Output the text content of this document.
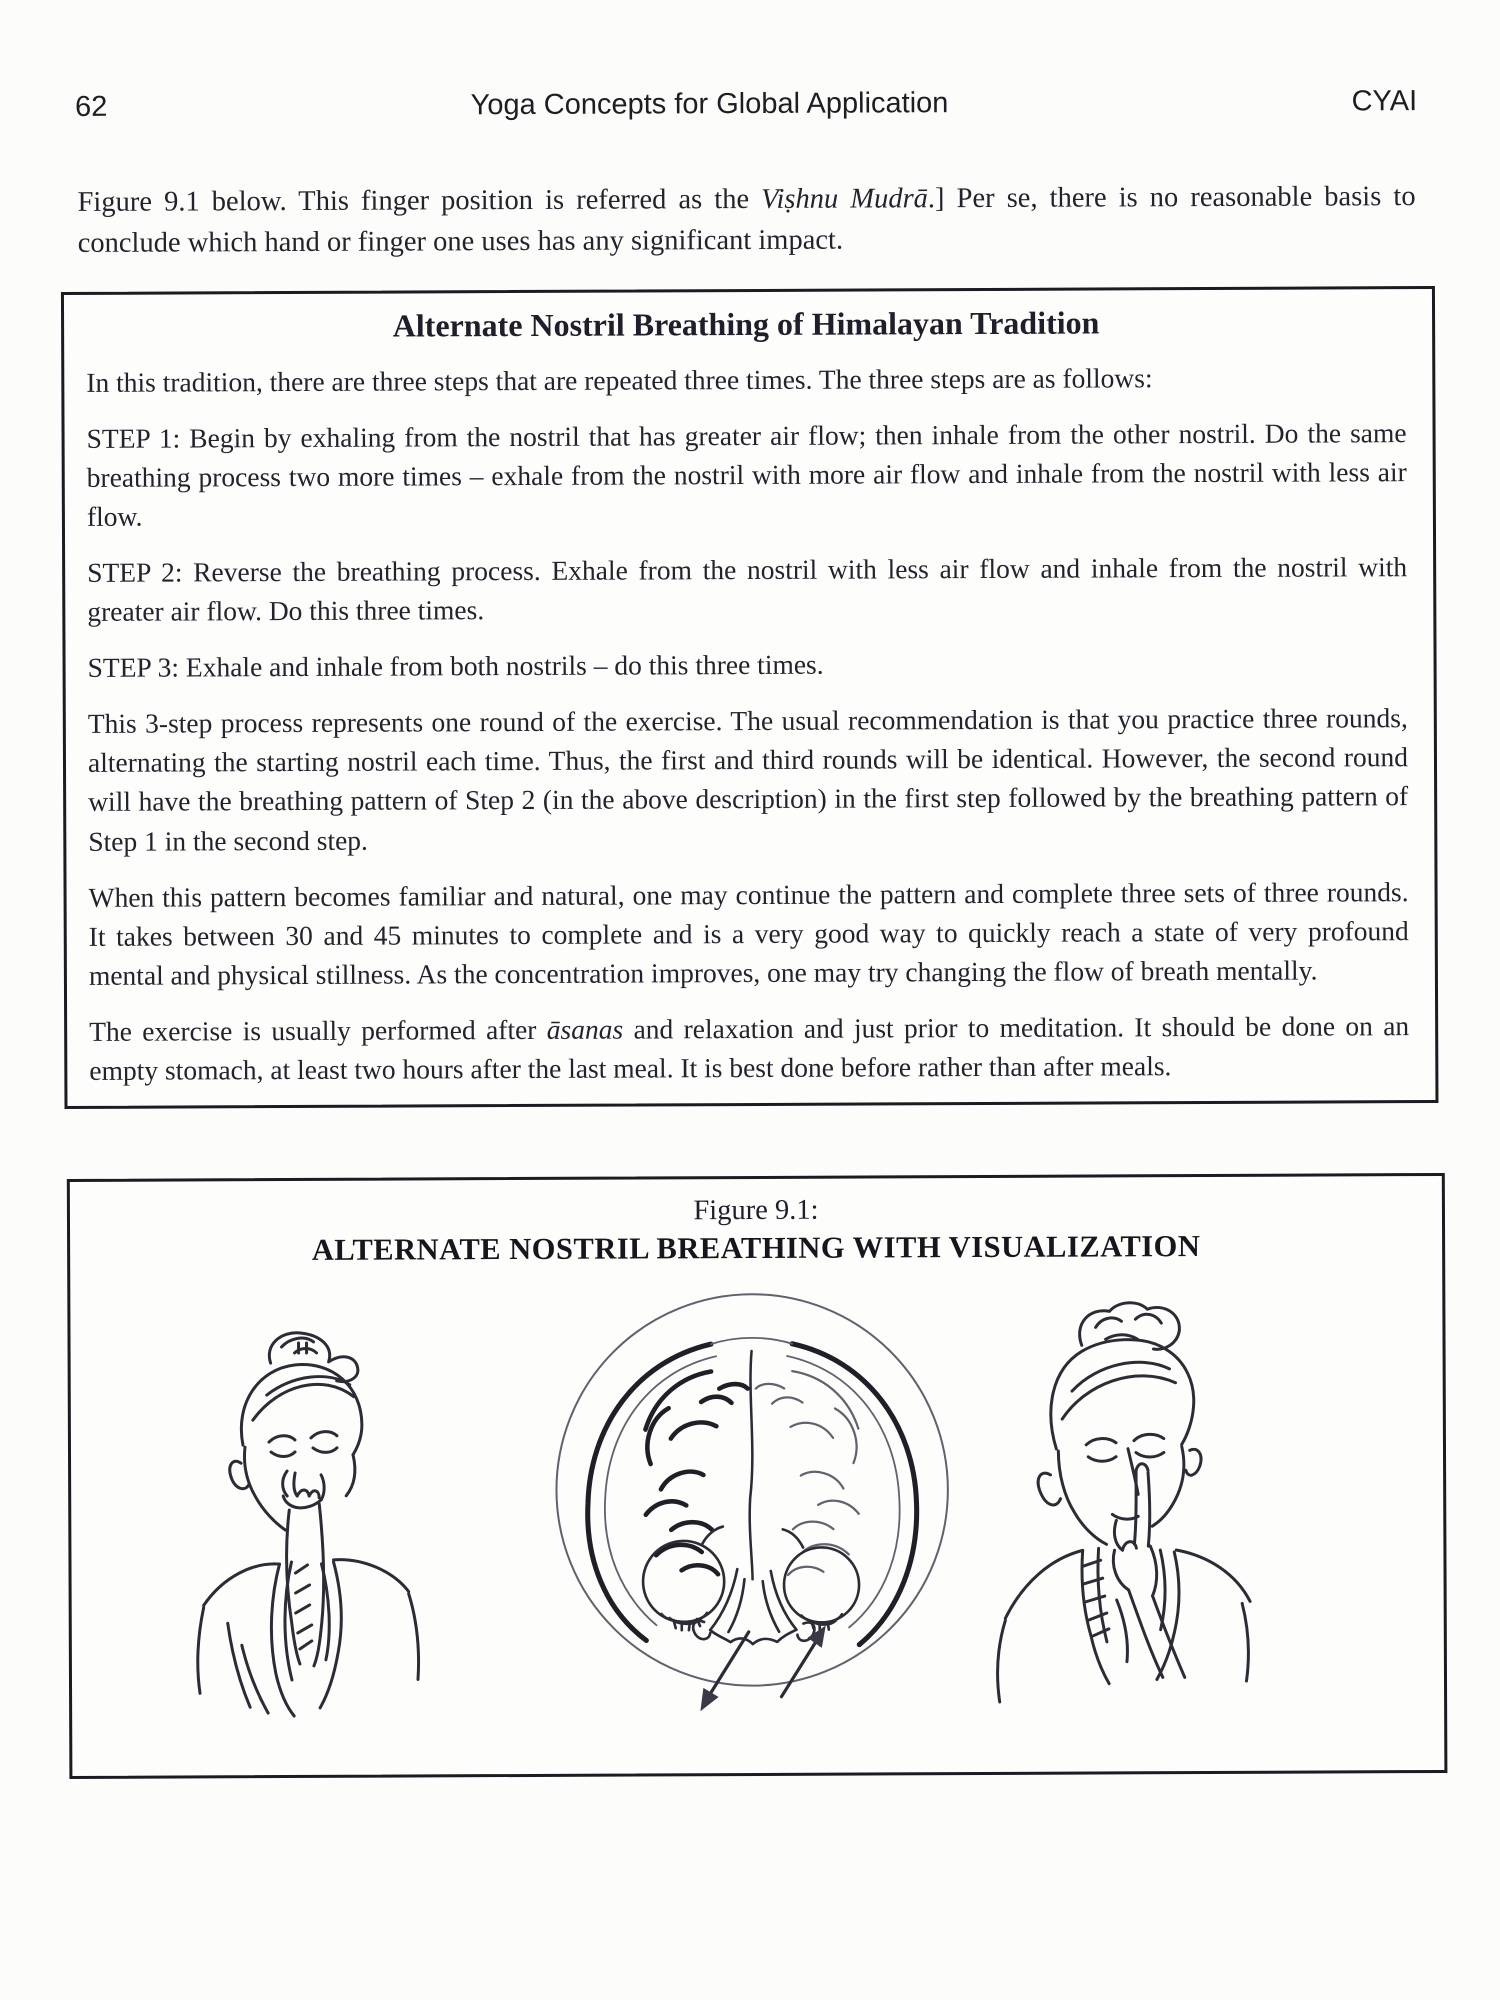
62	Yoga Concepts for Global Application	CYAI

Figure 9.1 below. This finger position is referred as the Viṣhnu Mudrā.] Per se, there is no reasonable basis to conclude which hand or finger one uses has any significant impact.

Alternate Nostril Breathing of Himalayan Tradition

In this tradition, there are three steps that are repeated three times. The three steps are as follows:

STEP 1: Begin by exhaling from the nostril that has greater air flow; then inhale from the other nostril. Do the same breathing process two more times – exhale from the nostril with more air flow and inhale from the nostril with less air flow.

STEP 2: Reverse the breathing process. Exhale from the nostril with less air flow and inhale from the nostril with greater air flow. Do this three times.

STEP 3: Exhale and inhale from both nostrils – do this three times.

This 3-step process represents one round of the exercise. The usual recommendation is that you practice three rounds, alternating the starting nostril each time. Thus, the first and third rounds will be identical. However, the second round will have the breathing pattern of Step 2 (in the above description) in the first step followed by the breathing pattern of Step 1 in the second step.

When this pattern becomes familiar and natural, one may continue the pattern and complete three sets of three rounds. It takes between 30 and 45 minutes to complete and is a very good way to quickly reach a state of very profound mental and physical stillness. As the concentration improves, one may try changing the flow of breath mentally.

The exercise is usually performed after āsanas and relaxation and just prior to meditation. It should be done on an empty stomach, at least two hours after the last meal. It is best done before rather than after meals.

Figure 9.1:
ALTERNATE NOSTRIL BREATHING WITH VISUALIZATION
